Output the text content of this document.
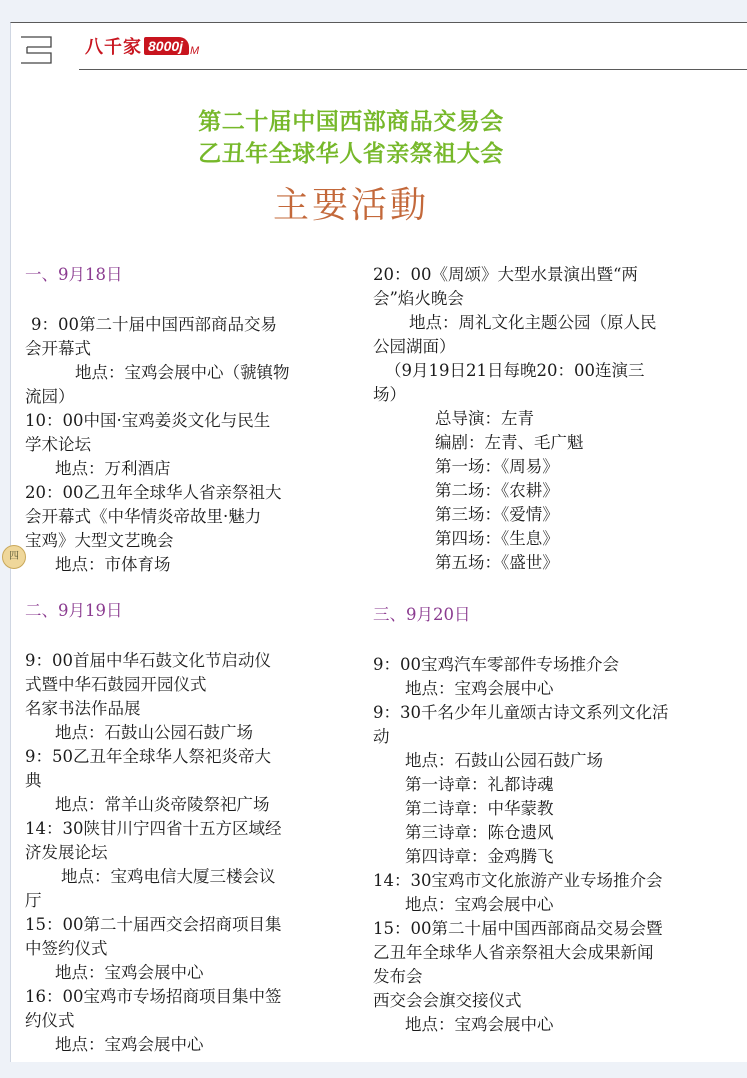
八千家 8000j M
第二十届中国西部商品交易会
乙丑年全球华人省亲祭祖大会
主要活動
四

一、9月18日

9：00第二十届中国西部商品交易

会开幕式

地点：宝鸡会展中心（虢镇物

流园）

10：00中国·宝鸡姜炎文化与民生

学术论坛

地点：万利酒店

20：00乙丑年全球华人省亲祭祖大

会开幕式《中华情炎帝故里·魅力

宝鸡》大型文艺晚会

地点：市体育场

二、9月19日

9：00首届中华石鼓文化节启动仪

式暨中华石鼓园开园仪式

名家书法作品展

地点：石鼓山公园石鼓广场

9：50乙丑年全球华人祭祀炎帝大

典

地点：常羊山炎帝陵祭祀广场

14：30陕甘川宁四省十五方区域经

济发展论坛

地点：宝鸡电信大厦三楼会议

厅

15：00第二十届西交会招商项目集

中签约仪式

地点：宝鸡会展中心

16：00宝鸡市专场招商项目集中签

约仪式

地点：宝鸡会展中心

20：00《周颂》大型水景演出暨“两

会”焰火晚会

地点：周礼文化主题公园（原人民

公园湖面）

（9月19日21日每晚20：00连演三

场）

总导演：左青

编剧：左青、毛广魁

第一场：《周易》

第二场：《农耕》

第三场：《爱情》

第四场：《生息》

第五场：《盛世》

三、9月20日

9：00宝鸡汽车零部件专场推介会

地点：宝鸡会展中心

9：30千名少年儿童颂古诗文系列文化活

动

地点：石鼓山公园石鼓广场

第一诗章：礼都诗魂

第二诗章：中华蒙教

第三诗章：陈仓遗风

第四诗章：金鸡腾飞

14：30宝鸡市文化旅游产业专场推介会

地点：宝鸡会展中心

15：00第二十届中国西部商品交易会暨

乙丑年全球华人省亲祭祖大会成果新闻

发布会

西交会会旗交接仪式

地点：宝鸡会展中心
